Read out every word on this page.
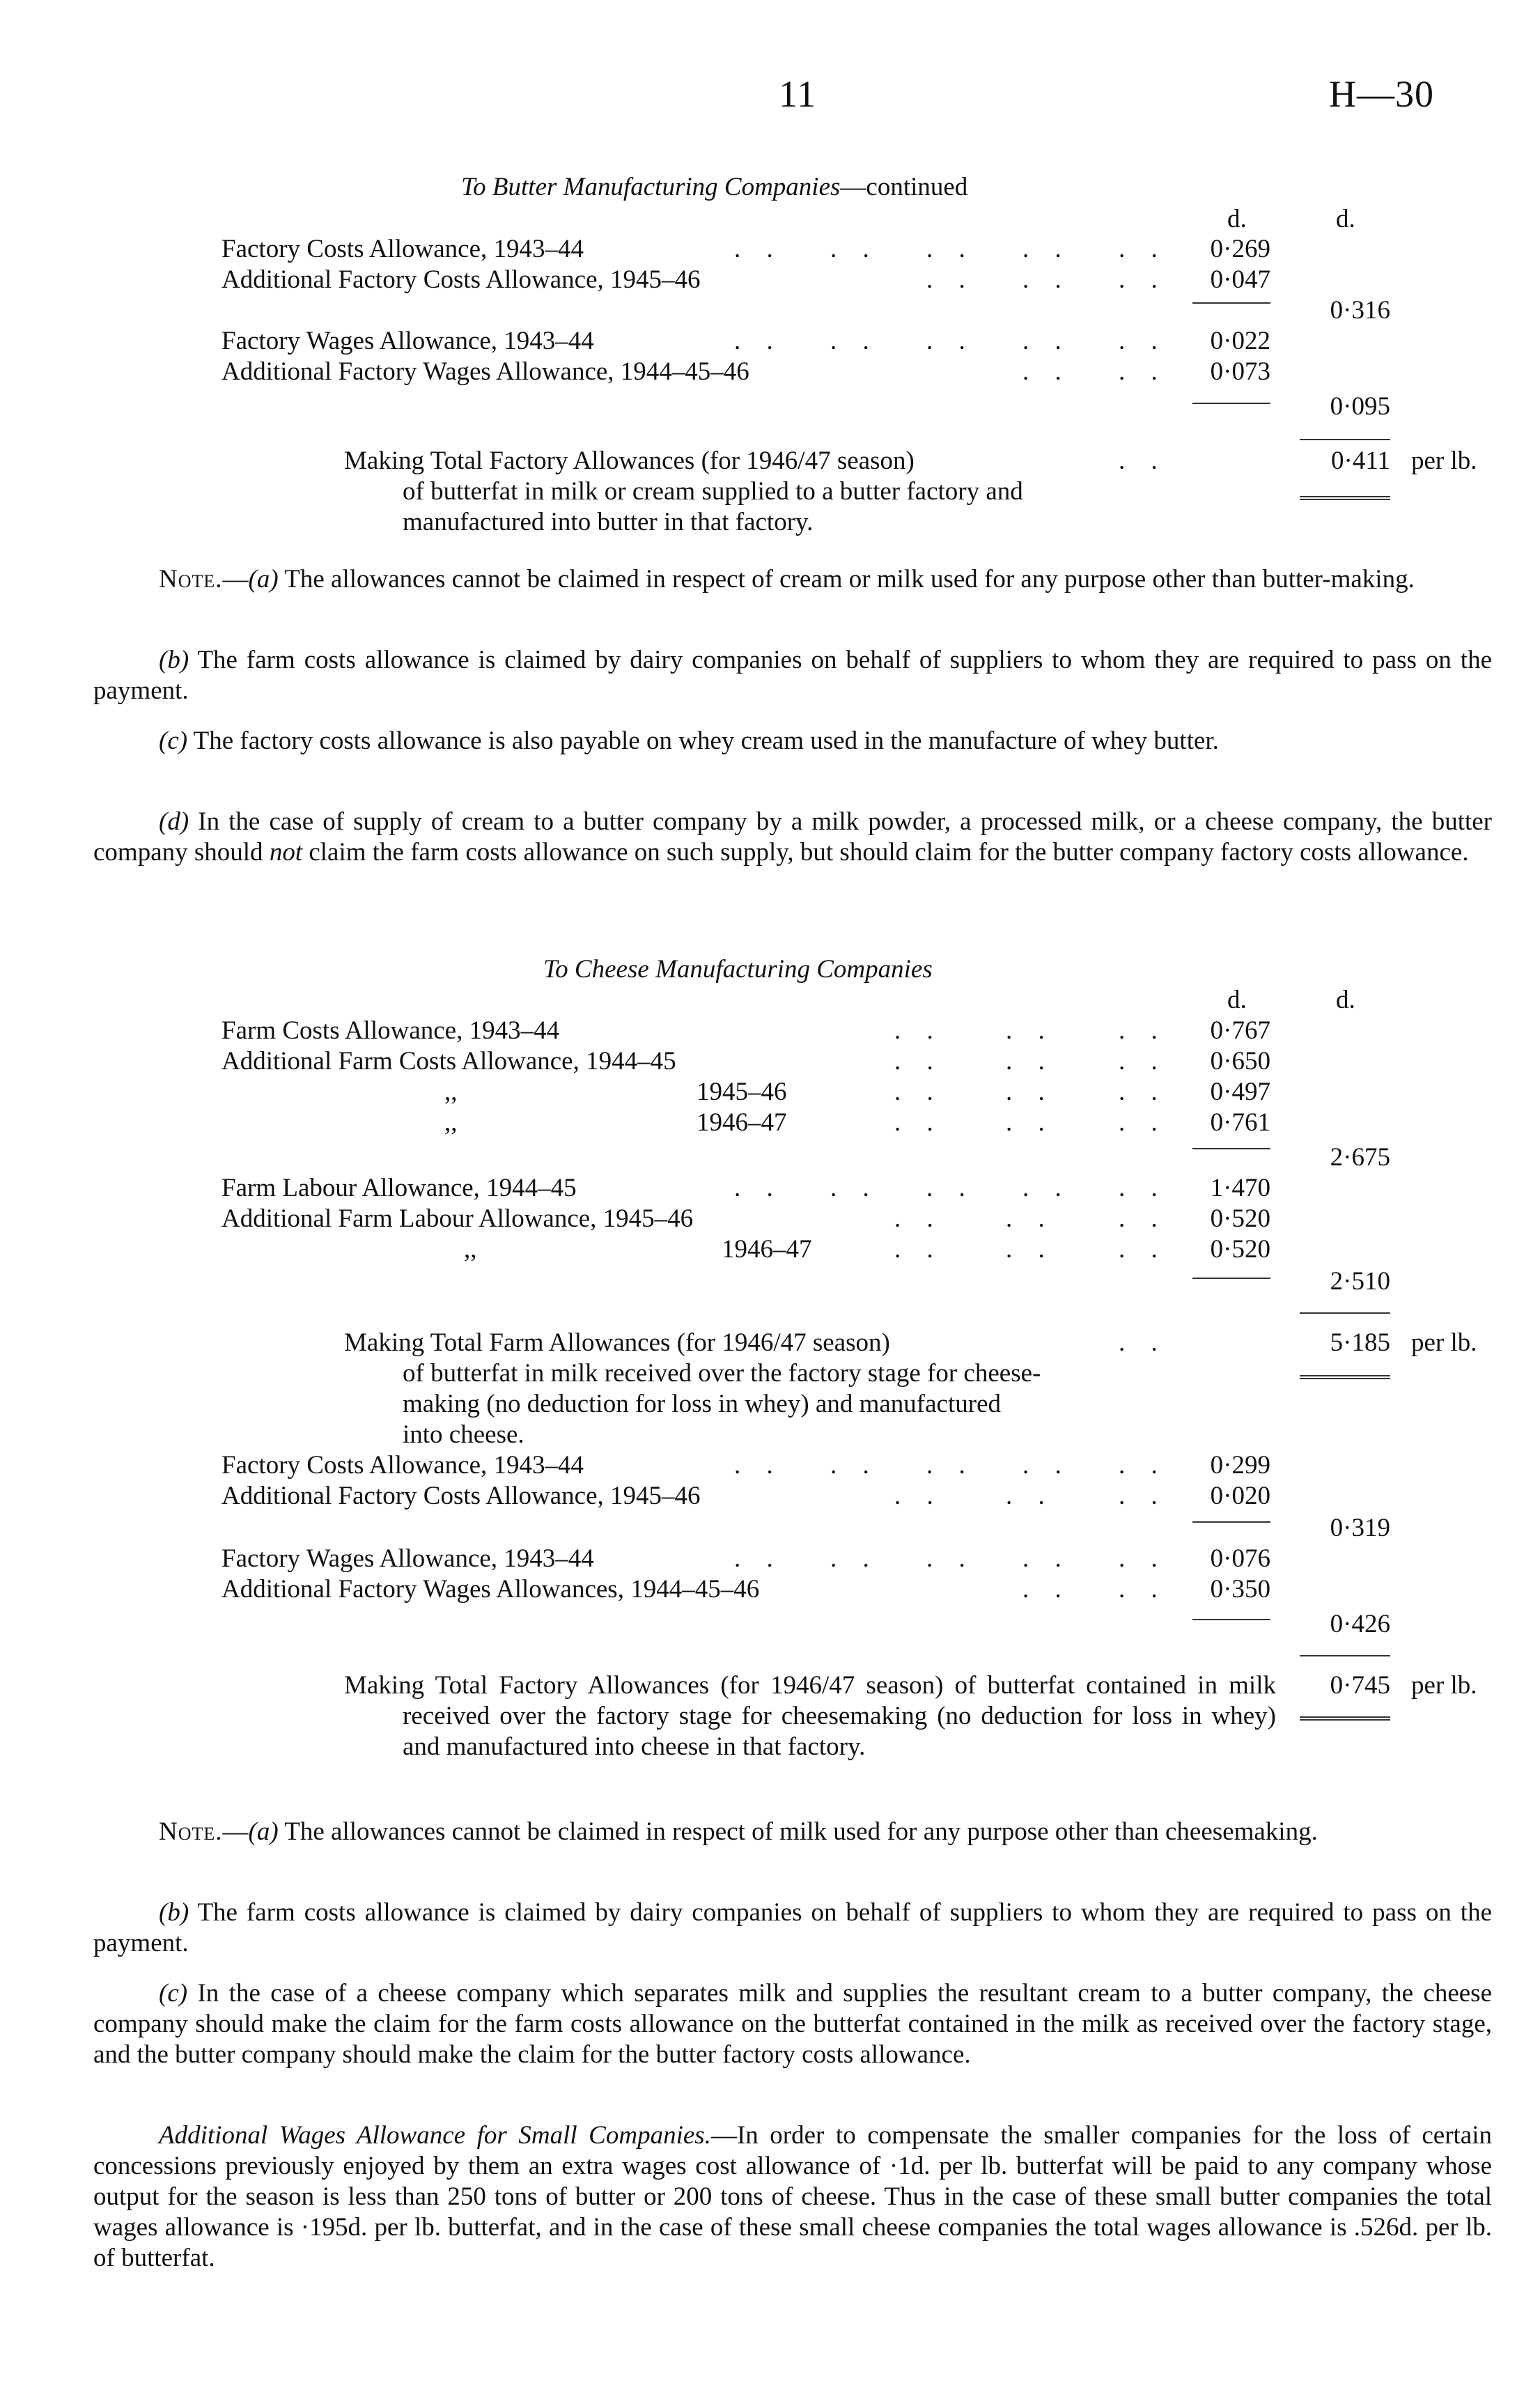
11	H—30
To Butter Manufacturing Companies—continued
d.	d.
Factory Costs Allowance, 1943–44	. . . . . . . . . .	0·269
Additional Factory Costs Allowance, 1945–46	. . . . . .	0·047
0·316
Factory Wages Allowance, 1943–44	. . . . . . . . . .	0·022
Additional Factory Wages Allowance, 1944–45–46	. . . .	0·073
0·095
Making Total Factory Allowances (for 1946/47 season)	. .	0·411 per lb.
of butterfat in milk or cream supplied to a butter factory and
manufactured into butter in that factory.
Note.—(a) The allowances cannot be claimed in respect of cream or milk used for any purpose other than butter-making.
(b) The farm costs allowance is claimed by dairy companies on behalf of suppliers to whom they are required to pass on the payment.
(c) The factory costs allowance is also payable on whey cream used in the manufacture of whey butter.
(d) In the case of supply of cream to a butter company by a milk powder, a processed milk, or a cheese company, the butter company should not claim the farm costs allowance on such supply, but should claim for the butter company factory costs allowance.
To Cheese Manufacturing Companies
d.	d.
Farm Costs Allowance, 1943–44	. . . . . .	0·767
Additional Farm Costs Allowance, 1944–45	. . . . . .	0·650
,,	1945–46	. . . . . .	0·497
,,	1946–47	. . . . . .	0·761
2·675
Farm Labour Allowance, 1944–45	. . . . . . . . . .	1·470
Additional Farm Labour Allowance, 1945–46	. . . . . .	0·520
,,	1946–47	. . . . . .	0·520
2·510
Making Total Farm Allowances (for 1946/47 season)	. .	5·185 per lb.
of butterfat in milk received over the factory stage for cheese-
making (no deduction for loss in whey) and manufactured
into cheese.
Factory Costs Allowance, 1943–44	. . . . . . . . . .	0·299
Additional Factory Costs Allowance, 1945–46	. . . . . .	0·020
0·319
Factory Wages Allowance, 1943–44	. . . . . . . . . .	0·076
Additional Factory Wages Allowances, 1944–45–46	. . . .	0·350
0·426
Making Total Factory Allowances (for 1946/47 season) of butterfat contained in milk received over the factory stage for cheesemaking (no deduction for loss in whey) and manufactured into cheese in that factory.
0·745 per lb.
Note.—(a) The allowances cannot be claimed in respect of milk used for any purpose other than cheesemaking.
(b) The farm costs allowance is claimed by dairy companies on behalf of suppliers to whom they are required to pass on the payment.
(c) In the case of a cheese company which separates milk and supplies the resultant cream to a butter company, the cheese company should make the claim for the farm costs allowance on the butterfat contained in the milk as received over the factory stage, and the butter company should make the claim for the butter factory costs allowance.
Additional Wages Allowance for Small Companies.—In order to compensate the smaller companies for the loss of certain concessions previously enjoyed by them an extra wages cost allowance of ·1d. per lb. butterfat will be paid to any company whose output for the season is less than 250 tons of butter or 200 tons of cheese. Thus in the case of these small butter companies the total wages allowance is ·195d. per lb. butterfat, and in the case of these small cheese companies the total wages allowance is .526d. per lb. of butterfat.
